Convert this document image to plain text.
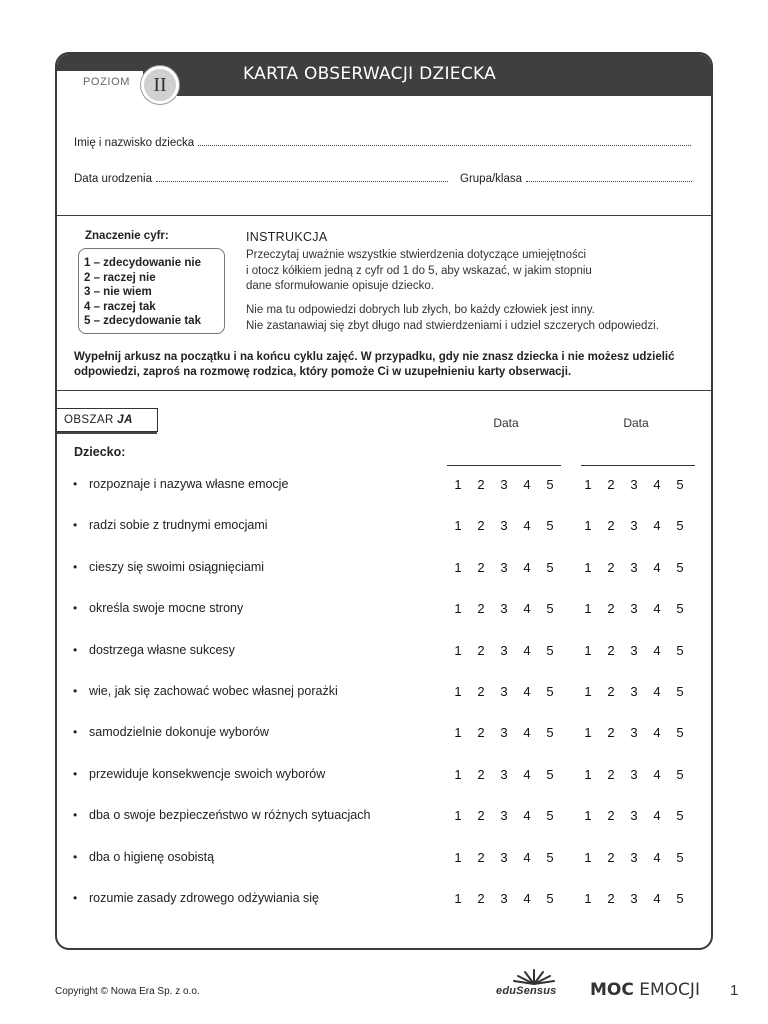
POZIOM	II	KARTA OBSERWACJI DZIECKA
Imię i nazwisko dziecka
Data urodzenia	Grupa/klasa
Znaczenie cyfr:
1 – zdecydowanie nie
2 – raczej nie
3 – nie wiem
4 – raczej tak
5 – zdecydowanie tak
INSTRUKCJA
Przeczytaj uważnie wszystkie stwierdzenia dotyczące umiejętności
i otocz kółkiem jedną z cyfr od 1 do 5, aby wskazać, w jakim stopniu
dane sformułowanie opisuje dziecko.
Nie ma tu odpowiedzi dobrych lub złych, bo każdy człowiek jest inny.
Nie zastanawiaj się zbyt długo nad stwierdzeniami i udziel szczerych odpowiedzi.
Wypełnij arkusz na początku i na końcu cyklu zajęć. W przypadku, gdy nie znasz dziecka i nie możesz udzielić
odpowiedzi, zaproś na rozmowę rodzica, który pomoże Ci w uzupełnieniu karty obserwacji.
OBSZAR JA
Dziecko:
Data	Data
• rozpoznaje i nazywa własne emocje	1 2 3 4 5 1 2 3 4 5
• radzi sobie z trudnymi emocjami	1 2 3 4 5 1 2 3 4 5
• cieszy się swoimi osiągnięciami	1 2 3 4 5 1 2 3 4 5
• określa swoje mocne strony	1 2 3 4 5 1 2 3 4 5
• dostrzega własne sukcesy	1 2 3 4 5 1 2 3 4 5
• wie, jak się zachować wobec własnej porażki	1 2 3 4 5 1 2 3 4 5
• samodzielnie dokonuje wyborów	1 2 3 4 5 1 2 3 4 5
• przewiduje konsekwencje swoich wyborów	1 2 3 4 5 1 2 3 4 5
• dba o swoje bezpieczeństwo w różnych sytuacjach	1 2 3 4 5 1 2 3 4 5
• dba o higienę osobistą	1 2 3 4 5 1 2 3 4 5
• rozumie zasady zdrowego odżywiania się	1 2 3 4 5 1 2 3 4 5
Copyright © Nowa Era Sp. z o.o.	eduSensus MOC EMOCJI 1
